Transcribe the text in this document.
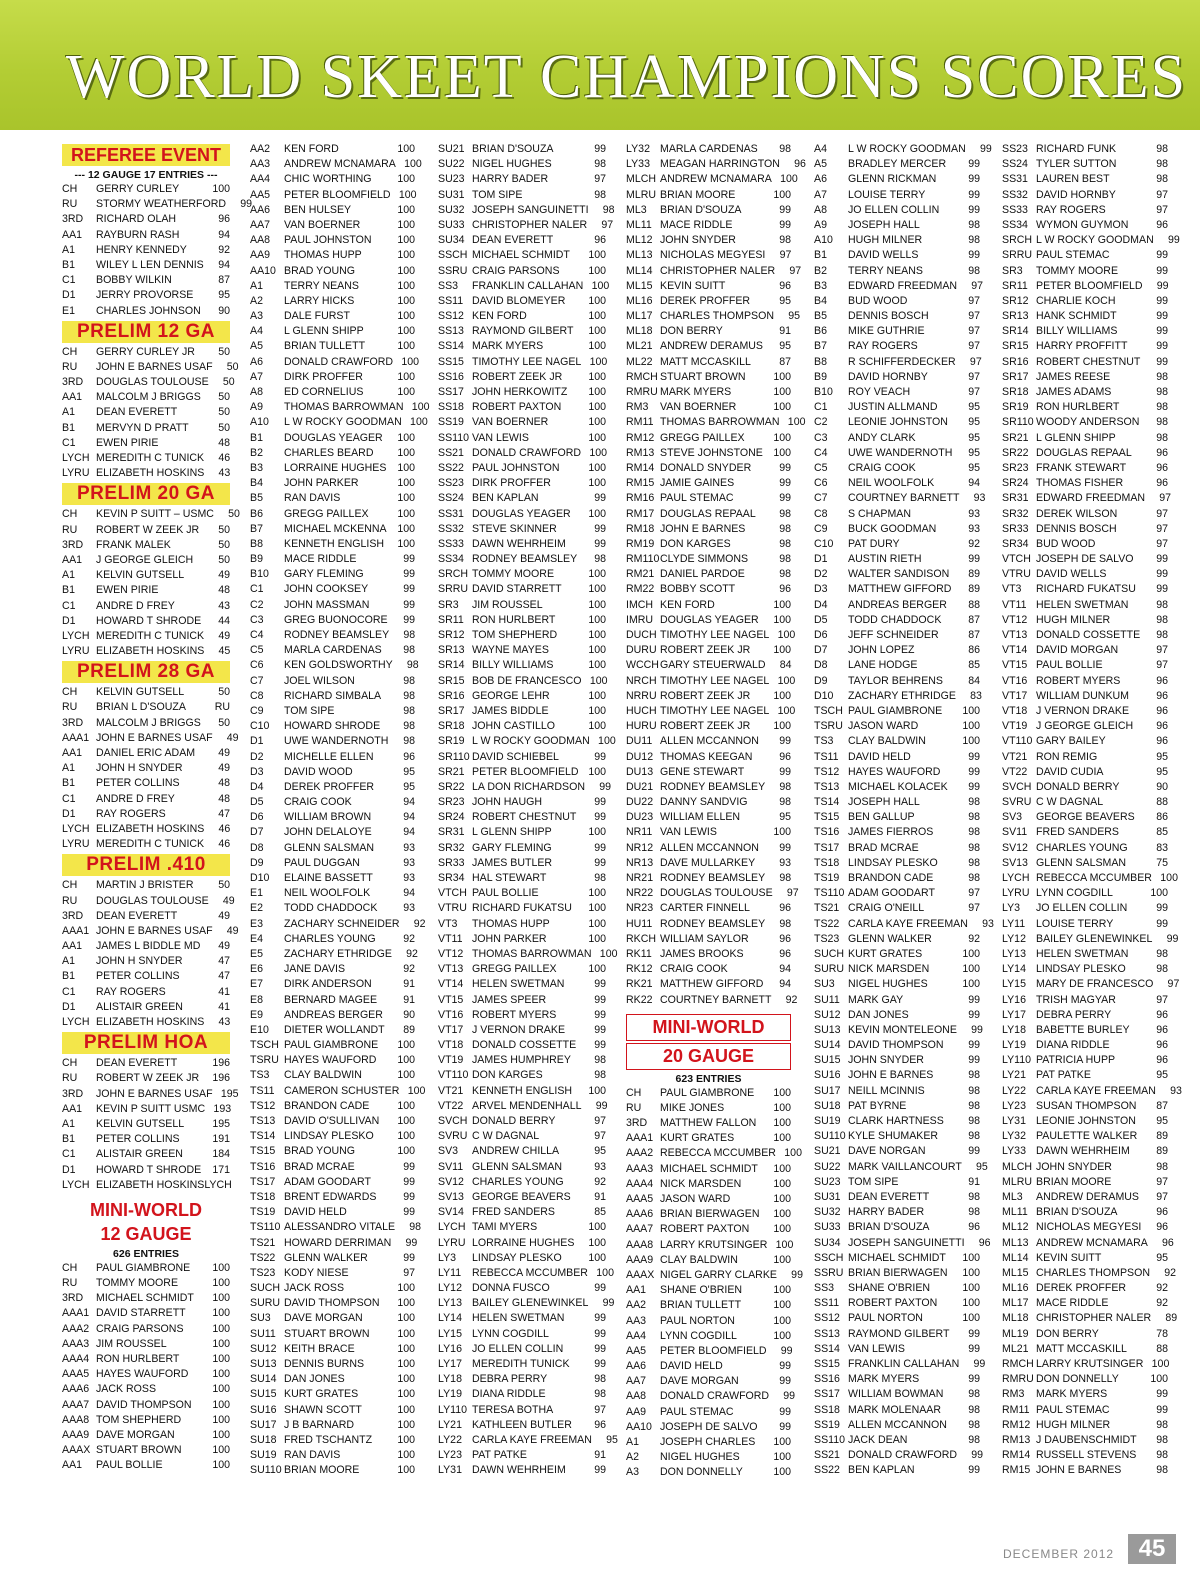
WORLD SKEET CHAMPIONS SCORES
REFEREE EVENT
--- 12 GAUGE 17 ENTRIES ---
CH	GERRY CURLEY	100
RU	STORMY WEATHERFORD	99
3RD	RICHARD OLAH	96
AA1	RAYBURN RASH	94
A1	HENRY KENNEDY	92
B1	WILEY L LEN DENNIS	94
C1	BOBBY WILKIN	87
D1	JERRY PROVORSE	95
E1	CHARLES JOHNSON	90
PRELIM 12 GA
CH	GERRY CURLEY JR	50
RU	JOHN E BARNES USAF	50
3RD	DOUGLAS TOULOUSE	50
AA1	MALCOLM J BRIGGS	50
A1	DEAN EVERETT	50
B1	MERVYN D PRATT	50
C1	EWEN PIRIE	48
LYCH MEREDITH C TUNICK	46
LYRU ELIZABETH HOSKINS	43
PRELIM 20 GA
CH	KEVIN P SUITT – USMC	50
RU	ROBERT W ZEEK JR	50
3RD	FRANK MALEK	50
AA1	J GEORGE GLEICH	50
A1	KELVIN GUTSELL	49
B1	EWEN PIRIE	48
C1	ANDRE D FREY	43
D1	HOWARD T SHRODE	44
LYCH MEREDITH C TUNICK	49
LYRU ELIZABETH HOSKINS	45
PRELIM 28 GA
CH	KELVIN GUTSELL	50
RU	BRIAN L D'SOUZA	RU
3RD	MALCOLM J BRIGGS	50
AAA1 JOHN E BARNES USAF	49
AA1	DANIEL ERIC ADAM	49
A1	JOHN H SNYDER	49
B1	PETER COLLINS	48
C1	ANDRE D FREY	48
D1	RAY ROGERS	47
LYCH ELIZABETH HOSKINS	46
LYRU MEREDITH C TUNICK	46
PRELIM .410
CH	MARTIN J BRISTER	50
RU	DOUGLAS TOULOUSE	49
3RD	DEAN EVERETT	49
AAA1 JOHN E BARNES USAF	49
AA1	JAMES L BIDDLE MD	49
A1	JOHN H SNYDER	47
B1	PETER COLLINS	47
C1	RAY ROGERS	41
D1	ALISTAIR GREEN	41
LYCH ELIZABETH HOSKINS	43
PRELIM HOA
CH	DEAN EVERETT	196
RU	ROBERT W ZEEK JR	196
3RD	JOHN E BARNES USAF 195
AA1	KEVIN P SUITT USMC 193
A1	KELVIN GUTSELL	195
B1	PETER COLLINS	191
C1	ALISTAIR GREEN	184
D1	HOWARD T SHRODE	171
LYCH ELIZABETH HOSKINS LYCH
MINI-WORLD
12 GAUGE
626 ENTRIES
CH	PAUL GIAMBRONE	100
RU	TOMMY MOORE	100
3RD	MICHAEL SCHMIDT	100
AAA1 DAVID STARRETT	100
AAA2 CRAIG PARSONS	100
AAA3 JIM ROUSSEL	100
AAA4 RON HURLBERT	100
AAA5 HAYES WAUFORD	100
AAA6 JACK ROSS	100
AAA7 DAVID THOMPSON	100
AAA8 TOM SHEPHERD	100
AAA9 DAVE MORGAN	100
AAAX STUART BROWN	100
AA1	PAUL BOLLIE	100
AA2	KEN FORD	100
AA3	ANDREW MCNAMARA 100
AA4	CHIC WORTHING	100
AA5	PETER BLOOMFIELD 100
AA6	BEN HULSEY	100
AA7	VAN BOERNER	100
AA8	PAUL JOHNSTON	100
AA9	THOMAS HUPP	100
AA10 BRAD YOUNG	100
A1	TERRY NEANS	100
A2	LARRY HICKS	100
A3	DALE FURST	100
A4	L GLENN SHIPP	100
A5	BRIAN TULLETT	100
A6	DONALD CRAWFORD 100
A7	DIRK PROFFER	100
A8	ED CORNELIUS	100
A9	THOMAS BARROWMAN 100
A10	L W ROCKY GOODMAN 100
B1	DOUGLAS YEAGER	100
B2	CHARLES BEARD	100
B3	LORRAINE HUGHES	100
B4	JOHN PARKER	100
B5	RAN DAVIS	100
B6	GREGG PAILLEX	100
B7	MICHAEL MCKENNA	100
B8	KENNETH ENGLISH	100
B9	MACE RIDDLE	99
B10	GARY FLEMING	99
C1	JOHN COOKSEY	99
C2	JOHN MASSMAN	99
C3	GREG BUONOCORE	99
C4	RODNEY BEAMSLEY	98
C5	MARLA CARDENAS	98
C6	KEN GOLDSWORTHY	98
C7	JOEL WILSON	98
C8	RICHARD SIMBALA	98
C9	TOM SIPE	98
C10	HOWARD SHRODE	98
D1	UWE WANDERNOTH	98
D2	MICHELLE ELLEN	96
D3	DAVID WOOD	95
D4	DEREK PROFFER	95
D5	CRAIG COOK	94
D6	WILLIAM BROWN	94
D7	JOHN DELALOYE	94
D8	GLENN SALSMAN	93
D9	PAUL DUGGAN	93
D10	ELAINE BASSETT	93
E1	NEIL WOOLFOLK	94
E2	TODD CHADDOCK	93
E3	ZACHARY SCHNEIDER	92
E4	CHARLES YOUNG	92
E5	ZACHARY ETHRIDGE	92
E6	JANE DAVIS	92
E7	DIRK ANDERSON	91
E8	BERNARD MAGEE	91
E9	ANDREAS BERGER	90
E10	DIETER WOLLANDT	89
TSCH PAUL GIAMBRONE	100
TSRU HAYES WAUFORD	100
TS3	CLAY BALDWIN	100
TS11 CAMERON SCHUSTER 100
TS12 BRANDON CADE	100
TS13 DAVID O'SULLIVAN	100
TS14 LINDSAY PLESKO	100
TS15 BRAD YOUNG	100
TS16 BRAD MCRAE	99
TS17 ADAM GOODART	99
TS18 BRENT EDWARDS	99
TS19 DAVID HELD	99
TS110 ALESSANDRO VITALE	98
TS21 HOWARD DERRIMAN	99
TS22 GLENN WALKER	99
TS23 KODY NIESE	97
SUCH JACK ROSS	100
SURU DAVID THOMPSON	100
SU3	DAVE MORGAN	100
SU11 STUART BROWN	100
SU12 KEITH BRACE	100
SU13 DENNIS BURNS	100
SU14 DAN JONES	100
SU15 KURT GRATES	100
SU16 SHAWN SCOTT	100
SU17 J B BARNARD	100
SU18 FRED TSCHANTZ	100
SU19 RAN DAVIS	100
SU110 BRIAN MOORE	100
SU21 BRIAN D'SOUZA	99
SU22 NIGEL HUGHES	98
SU23 HARRY BADER	97
SU31 TOM SIPE	98
SU32 JOSEPH SANGUINETTI	98
SU33 CHRISTOPHER NALER	97
SU34 DEAN EVERETT	96
SSCH MICHAEL SCHMIDT	100
SSRU CRAIG PARSONS	100
SS3	FRANKLIN CALLAHAN 100
SS11 DAVID BLOMEYER	100
SS12 KEN FORD	100
SS13 RAYMOND GILBERT	100
SS14 MARK MYERS	100
SS15 TIMOTHY LEE NAGEL 100
SS16 ROBERT ZEEK JR	100
SS17 JOHN HERKOWITZ	100
SS18 ROBERT PAXTON	100
SS19 VAN BOERNER	100
SS110 VAN LEWIS	100
SS21 DONALD CRAWFORD 100
SS22 PAUL JOHNSTON	100
SS23 DIRK PROFFER	100
SS24 BEN KAPLAN	99
SS31 DOUGLAS YEAGER	100
SS32 STEVE SKINNER	99
SS33 DAWN WEHRHEIM	99
SS34 RODNEY BEAMSLEY	98
SRCH TOMMY MOORE	100
SRRU DAVID STARRETT	100
SR3	JIM ROUSSEL	100
SR11 RON HURLBERT	100
SR12 TOM SHEPHERD	100
SR13 WAYNE MAYES	100
SR14 BILLY WILLIAMS	100
SR15 BOB DE FRANCESCO 100
SR16 GEORGE LEHR	100
SR17 JAMES BIDDLE	100
SR18 JOHN CASTILLO	100
SR19 L W ROCKY GOODMAN 100
SR110 DAVID SCHIEBEL	99
SR21 PETER BLOOMFIELD 100
SR22 LA DON RICHARDSON	99
SR23 JOHN HAUGH	99
SR24 ROBERT CHESTNUT	99
SR31 L GLENN SHIPP	100
SR32 GARY FLEMING	99
SR33 JAMES BUTLER	99
SR34 HAL STEWART	98
VTCH PAUL BOLLIE	100
VTRU RICHARD FUKATSU	100
VT3	THOMAS HUPP	100
VT11 JOHN PARKER	100
VT12 THOMAS BARROWMAN 100
VT13 GREGG PAILLEX	100
VT14 HELEN SWETMAN	99
VT15 JAMES SPEER	99
VT16 ROBERT MYERS	99
VT17 J VERNON DRAKE	99
VT18 DONALD COSSETTE	99
VT19 JAMES HUMPHREY	98
VT110 DON KARGES	98
VT21 KENNETH ENGLISH	100
VT22 ARVEL MENDENHALL	99
SVCH DONALD BERRY	97
SVRU C W DAGNAL	97
SV3	ANDREW CHILLA	95
SV11 GLENN SALSMAN	93
SV12 CHARLES YOUNG	92
SV13 GEORGE BEAVERS	91
SV14 FRED SANDERS	85
LYCH TAMI MYERS	100
LYRU LORRAINE HUGHES	100
LY3	LINDSAY PLESKO	100
LY11	REBECCA MCCUMBER 100
LY12 DONNA FUSCO	99
LY13 BAILEY GLENEWINKEL	99
LY14 HELEN SWETMAN	99
LY15 LYNN COGDILL	99
LY16 JO ELLEN COLLIN	99
LY17 MEREDITH TUNICK	99
LY18 DEBRA PERRY	98
LY19 DIANA RIDDLE	98
LY110 TERESA BOTHA	97
LY21 KATHLEEN BUTLER	96
LY22 CARLA KAYE FREEMAN	95
LY23 PAT PATKE	91
LY31 DAWN WEHRHEIM	99
LY32 MARLA CARDENAS	98
LY33 MEAGAN HARRINGTON	96
MLCH ANDREW MCNAMARA 100
MLRU BRIAN MOORE	100
ML3	BRIAN D'SOUZA	99
ML11 MACE RIDDLE	99
ML12 JOHN SNYDER	98
ML13 NICHOLAS MEGYESI	97
ML14 CHRISTOPHER NALER	97
ML15 KEVIN SUITT	96
ML16 DEREK PROFFER	95
ML17 CHARLES THOMPSON	95
ML18 DON BERRY	91
ML21 ANDREW DERAMUS	95
ML22 MATT MCCASKILL	87
RMCH STUART BROWN	100
RMRU MARK MYERS	100
RM3	VAN BOERNER	100
RM11 THOMAS BARROWMAN 100
RM12 GREGG PAILLEX	100
RM13 STEVE JOHNSTONE 100
RM14 DONALD SNYDER	99
RM15 JAMIE GAINES	99
RM16 PAUL STEMAC	99
RM17 DOUGLAS REPAAL	98
RM18 JOHN E BARNES	98
RM19 DON KARGES	98
RM110 CLYDE SIMMONS	98
RM21 DANIEL PARDOE	98
RM22 BOBBY SCOTT	96
IMCH KEN FORD	100
IMRU DOUGLAS YEAGER	100
DUCH TIMOTHY LEE NAGEL 100
DURU ROBERT ZEEK JR	100
WCCH GARY STEUERWALD	84
NRCH TIMOTHY LEE NAGEL 100
NRRU ROBERT ZEEK JR	100
HUCH TIMOTHY LEE NAGEL 100
HURU ROBERT ZEEK JR	100
DU11 ALLEN MCCANNON	99
DU12 THOMAS KEEGAN	96
DU13 GENE STEWART	99
DU21 RODNEY BEAMSLEY	98
DU22 DANNY SANDVIG	98
DU23 WILLIAM ELLEN	95
NR11 VAN LEWIS	100
NR12 ALLEN MCCANNON	99
NR13 DAVE MULLARKEY	93
NR21 RODNEY BEAMSLEY	98
NR22 DOUGLAS TOULOUSE	97
NR23 CARTER FINNELL	96
HU11 RODNEY BEAMSLEY	98
RKCH WILLIAM SAYLOR	96
RK11 JAMES BROOKS	96
RK12 CRAIG COOK	94
RK21 MATTHEW GIFFORD	94
RK22 COURTNEY BARNETT	92
MINI-WORLD
20 GAUGE
623 ENTRIES
CH	PAUL GIAMBRONE	100
RU	MIKE JONES	100
3RD	MATTHEW FALLON	100
AAA1 KURT GRATES	100
AAA2 REBECCA MCCUMBER 100
AAA3 MICHAEL SCHMIDT	100
AAA4 NICK MARSDEN	100
AAA5 JASON WARD	100
AAA6 BRIAN BIERWAGEN	100
AAA7 ROBERT PAXTON	100
AAA8 LARRY KRUTSINGER 100
AAA9 CLAY BALDWIN	100
AAAX NIGEL GARRY CLARKE	99
AA1	SHANE O'BRIEN	100
AA2	BRIAN TULLETT	100
AA3	PAUL NORTON	100
AA4	LYNN COGDILL	100
AA5	PETER BLOOMFIELD	99
AA6	DAVID HELD	99
AA7	DAVE MORGAN	99
AA8	DONALD CRAWFORD	99
AA9	PAUL STEMAC	99
AA10 JOSEPH DE SALVO	99
A1	JOSEPH CHARLES	100
A2	NIGEL HUGHES	100
A3	DON DONNELLY	100
A4	L W ROCKY GOODMAN	99
A5	BRADLEY MERCER	99
A6	GLENN RICKMAN	99
A7	LOUISE TERRY	99
A8	JO ELLEN COLLIN	99
A9	JOSEPH HALL	98
A10	HUGH MILNER	98
B1	DAVID WELLS	99
B2	TERRY NEANS	98
B3	EDWARD FREEDMAN	97
B4	BUD WOOD	97
B5	DENNIS BOSCH	97
B6	MIKE GUTHRIE	97
B7	RAY ROGERS	97
B8	R SCHIFFERDECKER	97
B9	DAVID HORNBY	97
B10	ROY VEACH	97
C1	JUSTIN ALLMAND	95
C2	LEONIE JOHNSTON	95
C3	ANDY CLARK	95
C4	UWE WANDERNOTH	95
C5	CRAIG COOK	95
C6	NEIL WOOLFOLK	94
C7	COURTNEY BARNETT	93
C8	S CHAPMAN	93
C9	BUCK GOODMAN	93
C10	PAT DURY	92
D1	AUSTIN RIETH	99
D2	WALTER SANDISON	89
D3	MATTHEW GIFFORD	89
D4	ANDREAS BERGER	88
D5	TODD CHADDOCK	87
D6	JEFF SCHNEIDER	87
D7	JOHN LOPEZ	86
D8	LANE HODGE	85
D9	TAYLOR BEHRENS	84
D10	ZACHARY ETHRIDGE	83
TSCH PAUL GIAMBRONE	100
TSRU JASON WARD	100
TS3	CLAY BALDWIN	100
TS11 DAVID HELD	99
TS12 HAYES WAUFORD	99
TS13 MICHAEL KOLACEK	99
TS14 JOSEPH HALL	98
TS15 BEN GALLUP	98
TS16 JAMES FIERROS	98
TS17 BRAD MCRAE	98
TS18 LINDSAY PLESKO	98
TS19 BRANDON CADE	98
TS110 ADAM GOODART	97
TS21 CRAIG O'NEILL	97
TS22 CARLA KAYE FREEMAN	93
TS23 GLENN WALKER	92
SUCH KURT GRATES	100
SURU NICK MARSDEN	100
SU3	NIGEL HUGHES	100
SU11 MARK GAY	99
SU12 DAN JONES	99
SU13 KEVIN MONTELEONE	99
SU14 DAVID THOMPSON	99
SU15 JOHN SNYDER	99
SU16 JOHN E BARNES	98
SU17 NEILL MCINNIS	98
SU18 PAT BYRNE	98
SU19 CLARK HARTNESS	98
SU110 KYLE SHUMAKER	98
SU21 DAVE NORGAN	99
SU22 MARK VAILLANCOURT	95
SU23 TOM SIPE	91
SU31 DEAN EVERETT	98
SU32 HARRY BADER	98
SU33 BRIAN D'SOUZA	96
SU34 JOSEPH SANGUINETTI	96
SSCH MICHAEL SCHMIDT	100
SSRU BRIAN BIERWAGEN	100
SS3	SHANE O'BRIEN	100
SS11 ROBERT PAXTON	100
SS12 PAUL NORTON	100
SS13 RAYMOND GILBERT	99
SS14 VAN LEWIS	99
SS15 FRANKLIN CALLAHAN	99
SS16 MARK MYERS	99
SS17 WILLIAM BOWMAN	98
SS18 MARK MOLENAAR	98
SS19 ALLEN MCCANNON	98
SS110 JACK DEAN	98
SS21 DONALD CRAWFORD	99
SS22 BEN KAPLAN	99
SS23 RICHARD FUNK	98
SS24 TYLER SUTTON	98
SS31 LAUREN BEST	98
SS32 DAVID HORNBY	97
SS33 RAY ROGERS	97
SS34 WYMON GUYMON	96
SRCH L W ROCKY GOODMAN	99
SRRU PAUL STEMAC	99
SR3	TOMMY MOORE	99
SR11 PETER BLOOMFIELD	99
SR12 CHARLIE KOCH	99
SR13 HANK SCHMIDT	99
SR14 BILLY WILLIAMS	99
SR15 HARRY PROFFITT	99
SR16 ROBERT CHESTNUT	99
SR17 JAMES REESE	98
SR18 JAMES ADAMS	98
SR19 RON HURLBERT	98
SR110 WOODY ANDERSON	98
SR21 L GLENN SHIPP	98
SR22 DOUGLAS REPAAL	96
SR23 FRANK STEWART	96
SR24 THOMAS FISHER	96
SR31 EDWARD FREEDMAN	97
SR32 DEREK WILSON	97
SR33 DENNIS BOSCH	97
SR34 BUD WOOD	97
VTCH JOSEPH DE SALVO	99
VTRU DAVID WELLS	99
VT3	RICHARD FUKATSU	99
VT11 HELEN SWETMAN	98
VT12 HUGH MILNER	98
VT13 DONALD COSSETTE	98
VT14 DAVID MORGAN	97
VT15 PAUL BOLLIE	97
VT16 ROBERT MYERS	96
VT17 WILLIAM DUNKUM	96
VT18 J VERNON DRAKE	96
VT19 J GEORGE GLEICH	96
VT110 GARY BAILEY	96
VT21 RON REMIG	95
VT22 DAVID CUDIA	95
SVCH DONALD BERRY	90
SVRU C W DAGNAL	88
SV3	GEORGE BEAVERS	86
SV11 FRED SANDERS	85
SV12 CHARLES YOUNG	83
SV13 GLENN SALSMAN	75
LYCH REBECCA MCCUMBER 100
LYRU LYNN COGDILL	100
LY3	JO ELLEN COLLIN	99
LY11	LOUISE TERRY	99
LY12 BAILEY GLENEWINKEL	99
LY13 HELEN SWETMAN	98
LY14 LINDSAY PLESKO	98
LY15 MARY DE FRANCESCO	97
LY16 TRISH MAGYAR	97
LY17 DEBRA PERRY	96
LY18 BABETTE BURLEY	96
LY19 DIANA RIDDLE	96
LY110 PATRICIA HUPP	96
LY21 PAT PATKE	95
LY22 CARLA KAYE FREEMAN	93
LY23 SUSAN THOMPSON	87
LY31 LEONIE JOHNSTON	95
LY32 PAULETTE WALKER	89
LY33 DAWN WEHRHEIM	89
MLCH JOHN SNYDER	98
MLRU BRIAN MOORE	97
ML3	ANDREW DERAMUS	97
ML11 BRIAN D'SOUZA	96
ML12 NICHOLAS MEGYESI	96
ML13 ANDREW MCNAMARA	96
ML14 KEVIN SUITT	95
ML15 CHARLES THOMPSON	92
ML16 DEREK PROFFER	92
ML17 MACE RIDDLE	92
ML18 CHRISTOPHER NALER	89
ML19 DON BERRY	78
ML21 MATT MCCASKILL	88
RMCH LARRY KRUTSINGER 100
RMRU DON DONNELLY	100
RM3	MARK MYERS	99
RM11 PAUL STEMAC	99
RM12 HUGH MILNER	98
RM13 J DAUBENSCHMIDT	98
RM14 RUSSELL STEVENS	98
RM15 JOHN E BARNES	98
DECEMBER 2012	45
